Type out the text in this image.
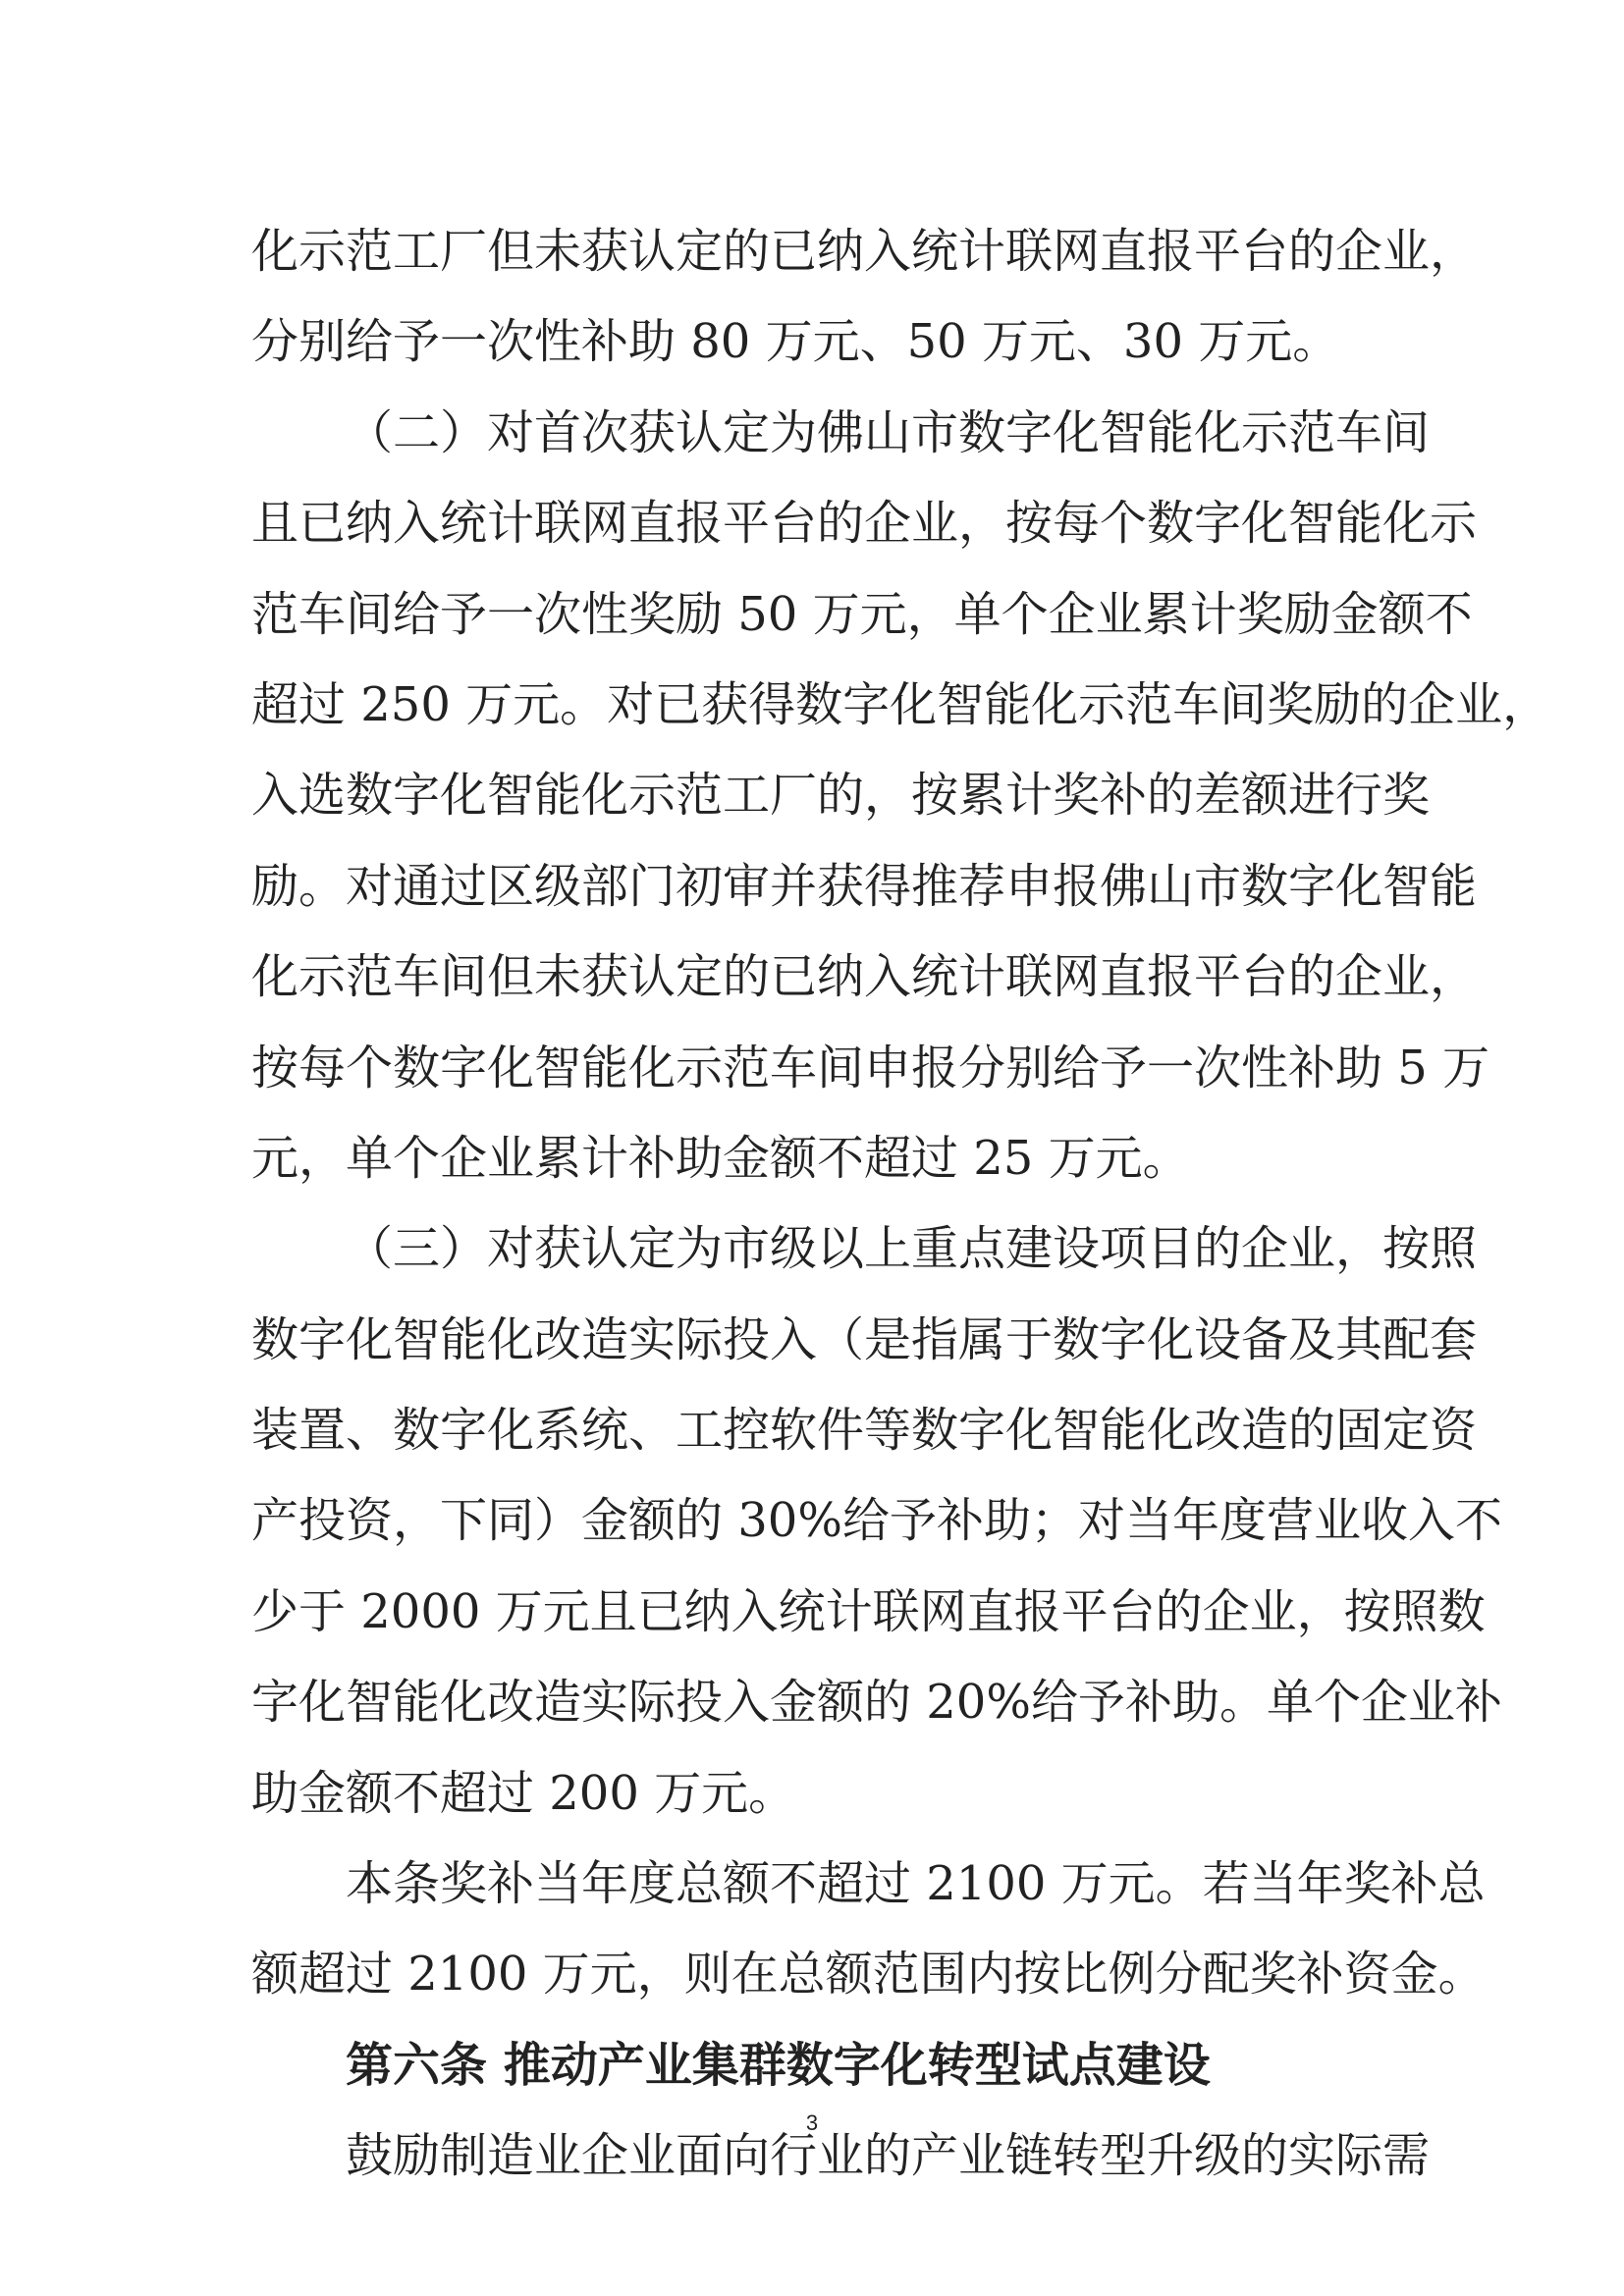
化示范工厂但未获认定的已纳入统计联网直报平台的企业，
分别给予一次性补助 80 万元、50 万元、30 万元。
（二）对首次获认定为佛山市数字化智能化示范车间
且已纳入统计联网直报平台的企业，按每个数字化智能化示
范车间给予一次性奖励 50 万元，单个企业累计奖励金额不
超过 250 万元。对已获得数字化智能化示范车间奖励的企业，
入选数字化智能化示范工厂的，按累计奖补的差额进行奖
励。对通过区级部门初审并获得推荐申报佛山市数字化智能
化示范车间但未获认定的已纳入统计联网直报平台的企业，
按每个数字化智能化示范车间申报分别给予一次性补助 5 万
元，单个企业累计补助金额不超过 25 万元。
（三）对获认定为市级以上重点建设项目的企业，按照
数字化智能化改造实际投入（是指属于数字化设备及其配套
装置、数字化系统、工控软件等数字化智能化改造的固定资
产投资，下同）金额的 30%给予补助；对当年度营业收入不
少于 2000 万元且已纳入统计联网直报平台的企业，按照数
字化智能化改造实际投入金额的 20%给予补助。单个企业补
助金额不超过 200 万元。
本条奖补当年度总额不超过 2100 万元。若当年奖补总
额超过 2100 万元，则在总额范围内按比例分配奖补资金。
第六条 推动产业集群数字化转型试点建设
鼓励制造业企业面向行业的产业链转型升级的实际需
3
